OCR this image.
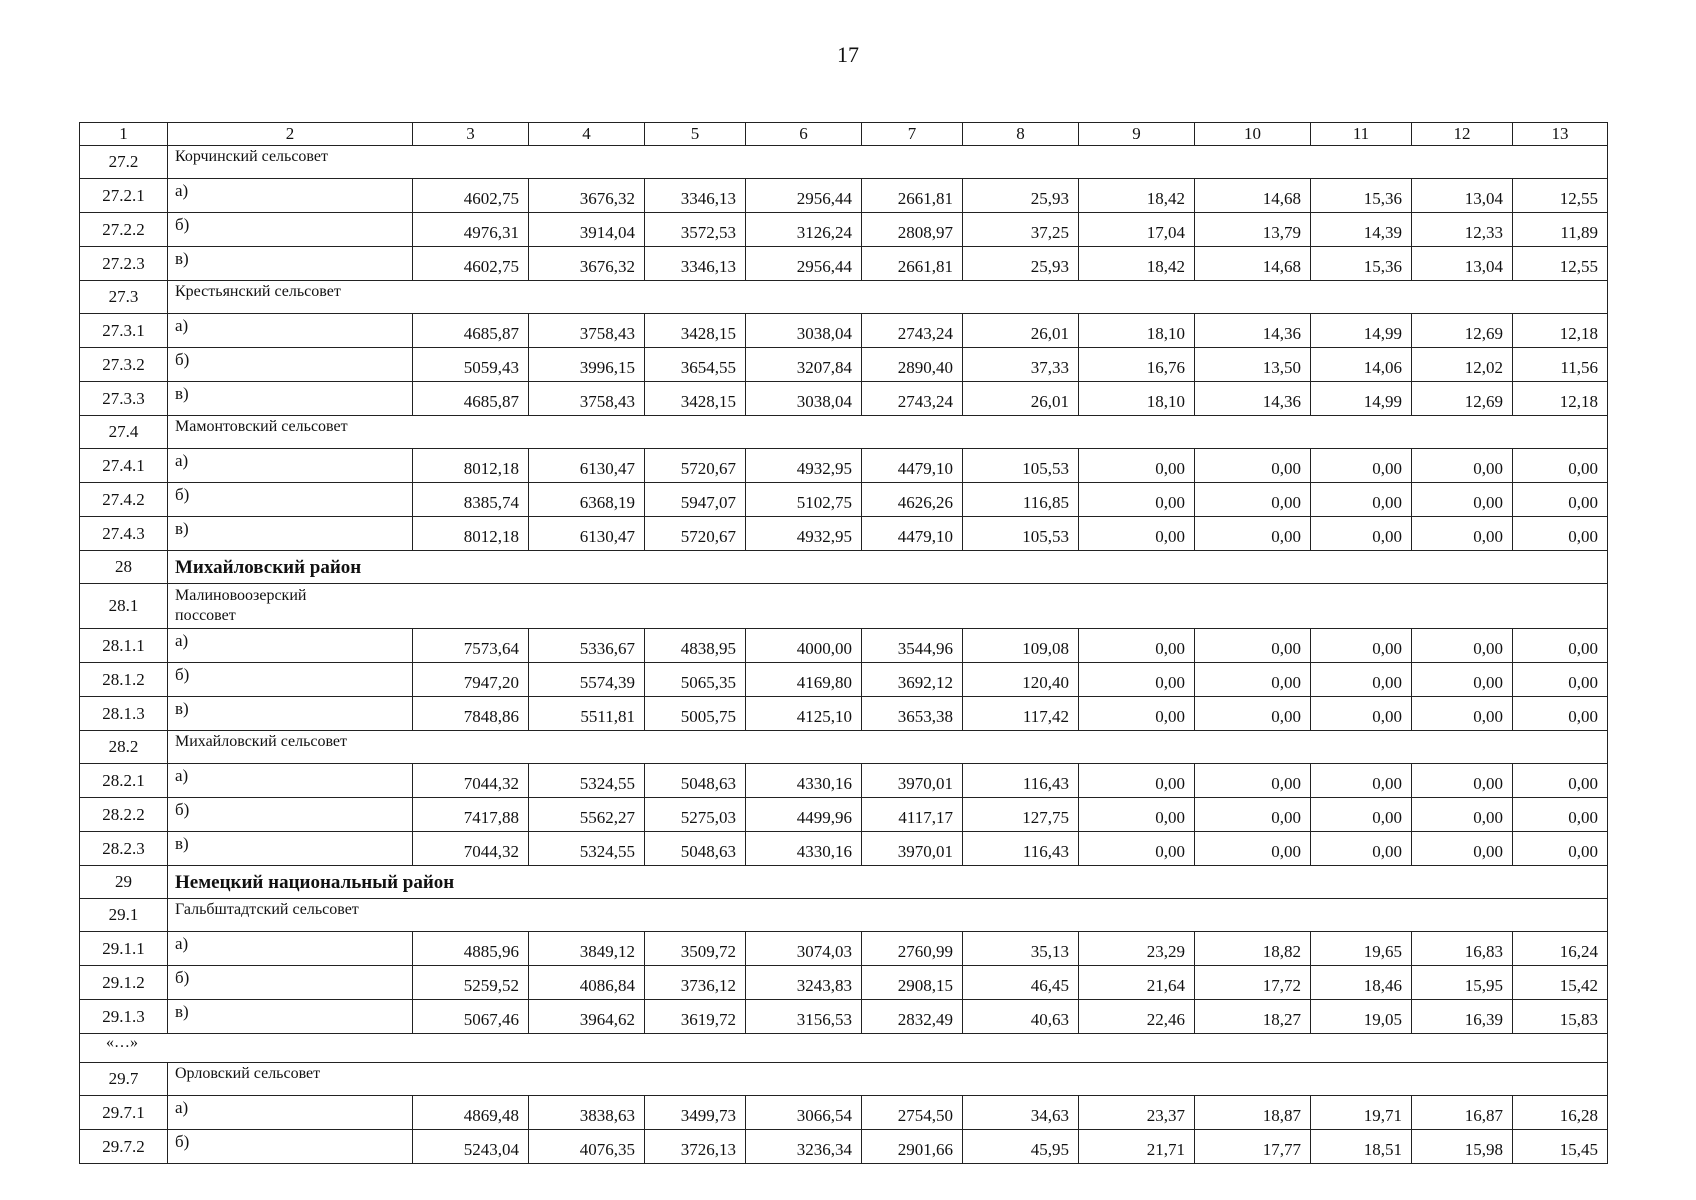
17
1	2	3	4	5	6	7	8	9	10	11	12	13
27.2	Корчинский сельсовет											
27.2.1	а)	4602,75	3676,32	3346,13	2956,44	2661,81	25,93	18,42	14,68	15,36	13,04	12,55
27.2.2	б)	4976,31	3914,04	3572,53	3126,24	2808,97	37,25	17,04	13,79	14,39	12,33	11,89
27.2.3	в)	4602,75	3676,32	3346,13	2956,44	2661,81	25,93	18,42	14,68	15,36	13,04	12,55
27.3	Крестьянский сельсовет											
27.3.1	а)	4685,87	3758,43	3428,15	3038,04	2743,24	26,01	18,10	14,36	14,99	12,69	12,18
27.3.2	б)	5059,43	3996,15	3654,55	3207,84	2890,40	37,33	16,76	13,50	14,06	12,02	11,56
27.3.3	в)	4685,87	3758,43	3428,15	3038,04	2743,24	26,01	18,10	14,36	14,99	12,69	12,18
27.4	Мамонтовский сельсовет											
27.4.1	а)	8012,18	6130,47	5720,67	4932,95	4479,10	105,53	0,00	0,00	0,00	0,00	0,00
27.4.2	б)	8385,74	6368,19	5947,07	5102,75	4626,26	116,85	0,00	0,00	0,00	0,00	0,00
27.4.3	в)	8012,18	6130,47	5720,67	4932,95	4479,10	105,53	0,00	0,00	0,00	0,00	0,00
28	Михайловский район											
28.1	Малиновоозерский поссовет											
28.1.1	а)	7573,64	5336,67	4838,95	4000,00	3544,96	109,08	0,00	0,00	0,00	0,00	0,00
28.1.2	б)	7947,20	5574,39	5065,35	4169,80	3692,12	120,40	0,00	0,00	0,00	0,00	0,00
28.1.3	в)	7848,86	5511,81	5005,75	4125,10	3653,38	117,42	0,00	0,00	0,00	0,00	0,00
28.2	Михайловский сельсовет											
28.2.1	а)	7044,32	5324,55	5048,63	4330,16	3970,01	116,43	0,00	0,00	0,00	0,00	0,00
28.2.2	б)	7417,88	5562,27	5275,03	4499,96	4117,17	127,75	0,00	0,00	0,00	0,00	0,00
28.2.3	в)	7044,32	5324,55	5048,63	4330,16	3970,01	116,43	0,00	0,00	0,00	0,00	0,00
29	Немецкий национальный район											
29.1	Гальбштадтский сельсовет											
29.1.1	а)	4885,96	3849,12	3509,72	3074,03	2760,99	35,13	23,29	18,82	19,65	16,83	16,24
29.1.2	б)	5259,52	4086,84	3736,12	3243,83	2908,15	46,45	21,64	17,72	18,46	15,95	15,42
29.1.3	в)	5067,46	3964,62	3619,72	3156,53	2832,49	40,63	22,46	18,27	19,05	16,39	15,83
«…»												
29.7	Орловский сельсовет											
29.7.1	а)	4869,48	3838,63	3499,73	3066,54	2754,50	34,63	23,37	18,87	19,71	16,87	16,28
29.7.2	б)	5243,04	4076,35	3726,13	3236,34	2901,66	45,95	21,71	17,77	18,51	15,98	15,45
